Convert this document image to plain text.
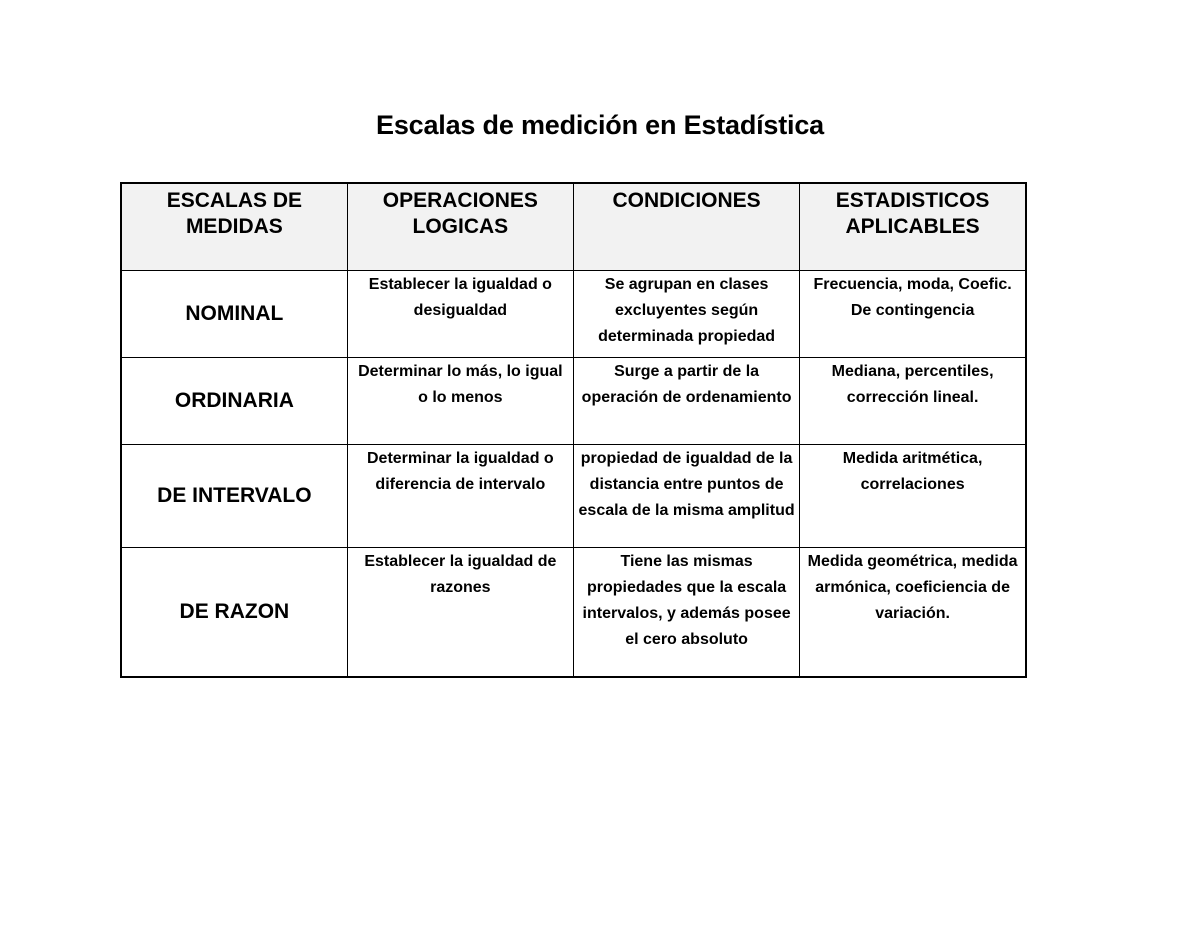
Escalas de medición en Estadística
ESCALAS DE MEDIDAS	OPERACIONES LOGICAS	CONDICIONES	ESTADISTICOS APLICABLES
NOMINAL	Establecer la igualdad o desigualdad	Se agrupan en clases excluyentes según determinada propiedad	Frecuencia, moda, Coefic. De contingencia
ORDINARIA	Determinar lo más, lo igual o lo menos	Surge a partir de la operación de ordenamiento	Mediana, percentiles, corrección lineal.
DE INTERVALO	Determinar la igualdad o diferencia de intervalo	propiedad de igualdad de la distancia entre puntos de escala de la misma amplitud	Medida aritmética, correlaciones
DE RAZON	Establecer la igualdad de razones	Tiene las mismas propiedades que la escala intervalos, y además posee el cero absoluto	Medida geométrica, medida armónica, coeficiencia de variación.
